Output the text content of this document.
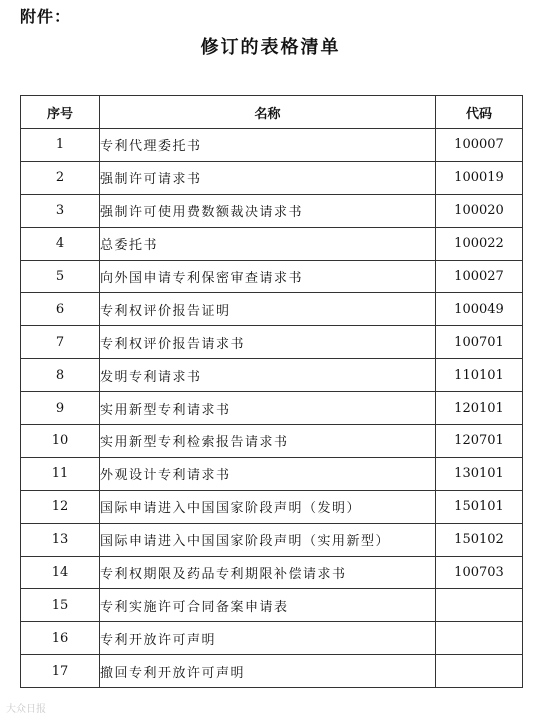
附件：
修订的表格清单
序号	名称	代码
1	专利代理委托书	100007
2	强制许可请求书	100019
3	强制许可使用费数额裁决请求书	100020
4	总委托书	100022
5	向外国申请专利保密审查请求书	100027
6	专利权评价报告证明	100049
7	专利权评价报告请求书	100701
8	发明专利请求书	110101
9	实用新型专利请求书	120101
10	实用新型专利检索报告请求书	120701
11	外观设计专利请求书	130101
12	国际申请进入中国国家阶段声明（发明）	150101
13	国际申请进入中国国家阶段声明（实用新型）	150102
14	专利权期限及药品专利期限补偿请求书	100703
15	专利实施许可合同备案申请表	
16	专利开放许可声明	
17	撤回专利开放许可声明	
大众日报
